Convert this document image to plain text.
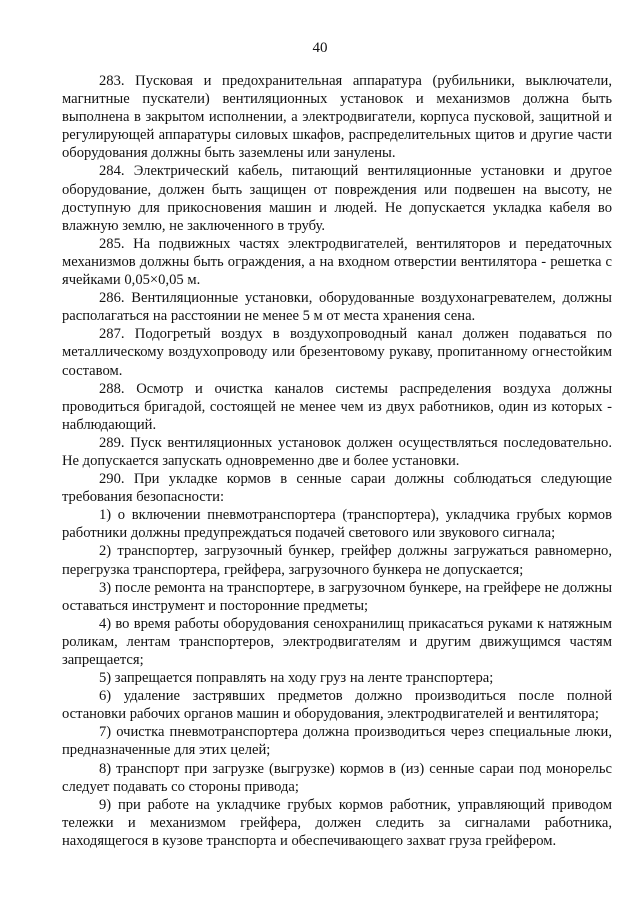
40

283. Пусковая и предохранительная аппаратура (рубильники, выключатели, магнитные пускатели) вентиляционных установок и механизмов должна быть выполнена в закрытом исполнении, а электродвигатели, корпуса пусковой, защитной и регулирующей аппаратуры силовых шкафов, распределительных щитов и другие части оборудования должны быть заземлены или занулены.

284. Электрический кабель, питающий вентиляционные установки и другое оборудование, должен быть защищен от повреждения или подвешен на высоту, не доступную для прикосновения машин и людей. Не допускается укладка кабеля во влажную землю, не заключенного в трубу.

285. На подвижных частях электродвигателей, вентиляторов и передаточных механизмов должны быть ограждения, а на входном отверстии вентилятора - решетка с ячейками 0,05×0,05 м.

286. Вентиляционные установки, оборудованные воздухонагревателем, должны располагаться на расстоянии не менее 5 м от места хранения сена.

287. Подогретый воздух в воздухопроводный канал должен подаваться по металлическому воздухопроводу или брезентовому рукаву, пропитанному огнестойким составом.

288. Осмотр и очистка каналов системы распределения воздуха должны проводиться бригадой, состоящей не менее чем из двух работников, один из которых - наблюдающий.

289. Пуск вентиляционных установок должен осуществляться последовательно. Не допускается запускать одновременно две и более установки.

290. При укладке кормов в сенные сараи должны соблюдаться следующие требования безопасности:

1) о включении пневмотранспортера (транспортера), укладчика грубых кормов работники должны предупреждаться подачей светового или звукового сигнала;

2) транспортер, загрузочный бункер, грейфер должны загружаться равномерно, перегрузка транспортера, грейфера, загрузочного бункера не допускается;

3) после ремонта на транспортере, в загрузочном бункере, на грейфере не должны оставаться инструмент и посторонние предметы;

4) во время работы оборудования сенохранилищ прикасаться руками к натяжным роликам, лентам транспортеров, электродвигателям и другим движущимся частям запрещается;

5) запрещается поправлять на ходу груз на ленте транспортера;

6) удаление застрявших предметов должно производиться после полной остановки рабочих органов машин и оборудования, электродвигателей и вентилятора;

7) очистка пневмотранспортера должна производиться через специальные люки, предназначенные для этих целей;

8) транспорт при загрузке (выгрузке) кормов в (из) сенные сараи под монорельс следует подавать со стороны привода;

9) при работе на укладчике грубых кормов работник, управляющий приводом тележки и механизмом грейфера, должен следить за сигналами работника, находящегося в кузове транспорта и обеспечивающего захват груза грейфером.
